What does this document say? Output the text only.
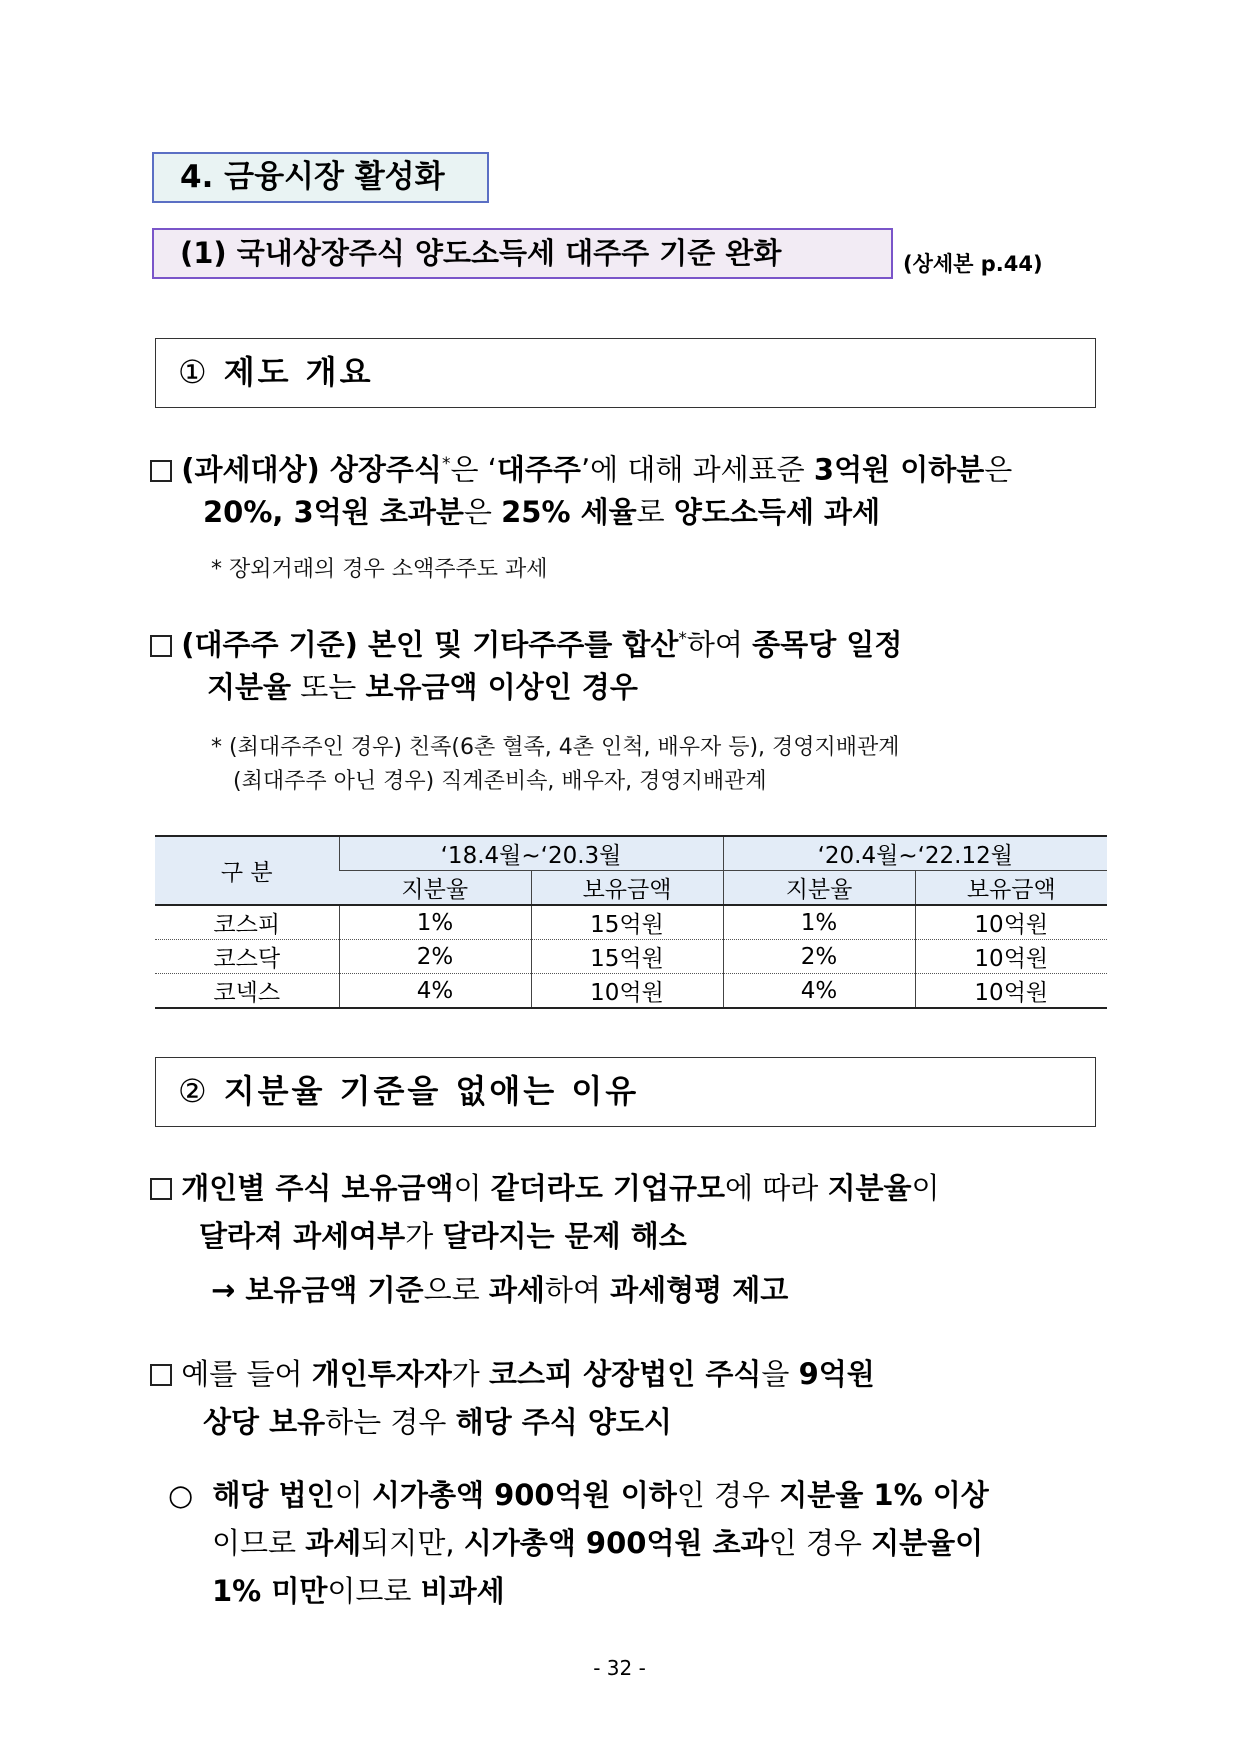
4. 금융시장 활성화
(1) 국내상장주식 양도소득세 대주주 기준 완화	(상세본 p.44)
① 제도 개요
(과세대상) 상장주식*은 ‘대주주’에 대해 과세표준 3억원 이하분은
20%, 3억원 초과분은 25% 세율로 양도소득세 과세
* 장외거래의 경우 소액주주도 과세
(대주주 기준) 본인 및 기타주주를 합산*하여 종목당 일정
지분율 또는 보유금액 이상인 경우
* (최대주주인 경우) 친족(6촌 혈족, 4촌 인척, 배우자 등), 경영지배관계
(최대주주 아닌 경우) 직계존비속, 배우자, 경영지배관계
구 분	‘18.4월~‘20.3월		‘20.4월~‘22.12월	
	지분율	보유금액	지분율	보유금액
코스피	1%	15억원	1%	10억원
코스닥	2%	15억원	2%	10억원
코넥스	4%	10억원	4%	10억원
② 지분율 기준을 없애는 이유
개인별 주식 보유금액이 같더라도 기업규모에 따라 지분율이
달라져 과세여부가 달라지는 문제 해소
→ 보유금액 기준으로 과세하여 과세형평 제고
예를 들어 개인투자자가 코스피 상장법인 주식을 9억원
상당 보유하는 경우 해당 주식 양도시
○ 해당 법인이 시가총액 900억원 이하인 경우 지분율 1% 이상
이므로 과세되지만, 시가총액 900억원 초과인 경우 지분율이
1% 미만이므로 비과세
- 32 -
